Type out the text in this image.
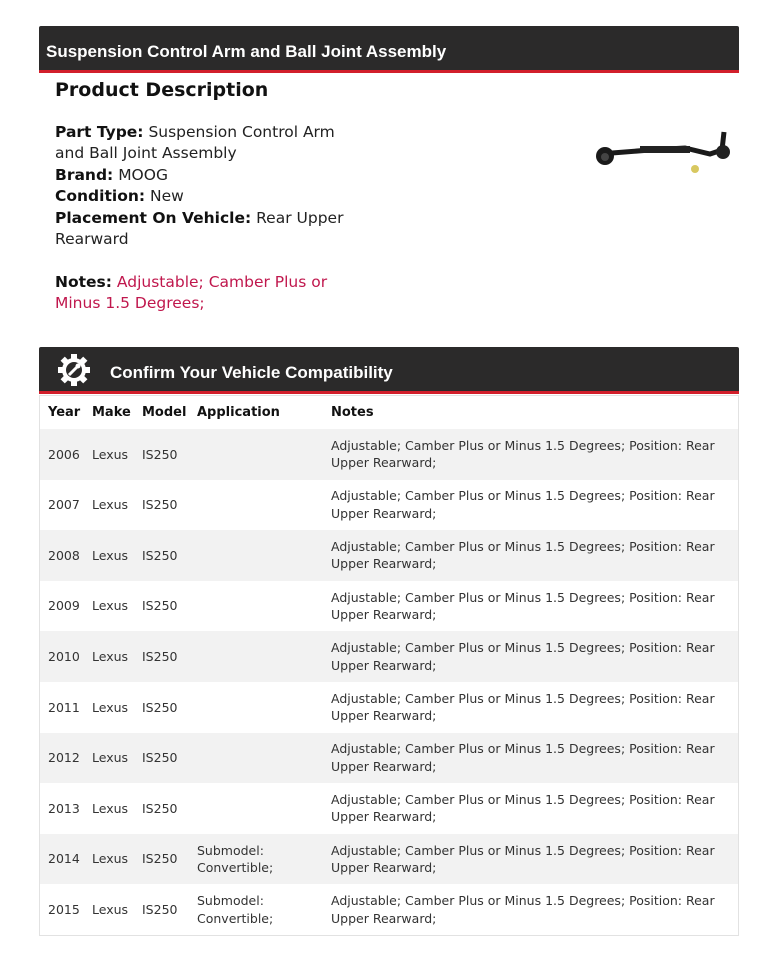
Suspension Control Arm and Ball Joint Assembly
Product Description
Part Type: Suspension Control Arm and Ball Joint Assembly
Brand: MOOG
Condition: New
Placement On Vehicle: Rear Upper Rearward
Notes: Adjustable; Camber Plus or Minus 1.5 Degrees;
Confirm Your Vehicle Compatibility
Year	Make	Model	Application	Notes
2006	Lexus	IS250		Adjustable; Camber Plus or Minus 1.5 Degrees; Position: Rear Upper Rearward;
2007	Lexus	IS250		Adjustable; Camber Plus or Minus 1.5 Degrees; Position: Rear Upper Rearward;
2008	Lexus	IS250		Adjustable; Camber Plus or Minus 1.5 Degrees; Position: Rear Upper Rearward;
2009	Lexus	IS250		Adjustable; Camber Plus or Minus 1.5 Degrees; Position: Rear Upper Rearward;
2010	Lexus	IS250		Adjustable; Camber Plus or Minus 1.5 Degrees; Position: Rear Upper Rearward;
2011	Lexus	IS250		Adjustable; Camber Plus or Minus 1.5 Degrees; Position: Rear Upper Rearward;
2012	Lexus	IS250		Adjustable; Camber Plus or Minus 1.5 Degrees; Position: Rear Upper Rearward;
2013	Lexus	IS250		Adjustable; Camber Plus or Minus 1.5 Degrees; Position: Rear Upper Rearward;
2014	Lexus	IS250	Submodel: Convertible;	Adjustable; Camber Plus or Minus 1.5 Degrees; Position: Rear Upper Rearward;
2015	Lexus	IS250	Submodel: Convertible;	Adjustable; Camber Plus or Minus 1.5 Degrees; Position: Rear Upper Rearward;
